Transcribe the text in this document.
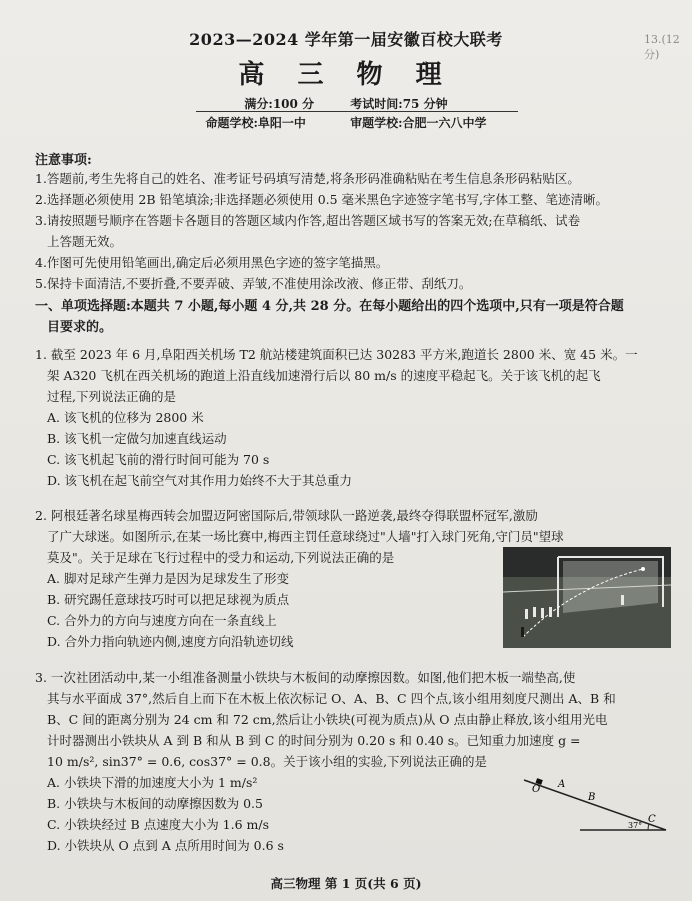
13.(12分)
2023—2024 学年第一届安徽百校大联考
高 三 物 理
满分:100 分	考试时间:75 分钟
命题学校:阜阳一中	审题学校:合肥一六八中学
注意事项:

1.答题前,考生先将自己的姓名、准考证号码填写清楚,将条形码准确粘贴在考生信息条形码粘贴区。

2.选择题必须使用 2B 铅笔填涂;非选择题必须使用 0.5 毫米黑色字迹签字笔书写,字体工整、笔迹清晰。

3.请按照题号顺序在答题卡各题目的答题区域内作答,超出答题区域书写的答案无效;在草稿纸、试卷

上答题无效。

4.作图可先使用铅笔画出,确定后必须用黑色字迹的签字笔描黑。

5.保持卡面清洁,不要折叠,不要弄破、弄皱,不准使用涂改液、修正带、刮纸刀。

一、单项选择题:本题共 7 小题,每小题 4 分,共 28 分。在每小题给出的四个选项中,只有一项是符合题

目要求的。

1. 截至 2023 年 6 月,阜阳西关机场 T2 航站楼建筑面积已达 30283 平方米,跑道长 2800 米、宽 45 米。一

架 A320 飞机在西关机场的跑道上沿直线加速滑行后以 80 m/s 的速度平稳起飞。关于该飞机的起飞

过程,下列说法正确的是

A. 该飞机的位移为 2800 米

B. 该飞机一定做匀加速直线运动

C. 该飞机起飞前的滑行时间可能为 70 s

D. 该飞机在起飞前空气对其作用力始终不大于其总重力

2. 阿根廷著名球星梅西转会加盟迈阿密国际后,带领球队一路逆袭,最终夺得联盟杯冠军,激励

了广大球迷。如图所示,在某一场比赛中,梅西主罚任意球绕过"人墙"打入球门死角,守门员"望球

莫及"。关于足球在飞行过程中的受力和运动,下列说法正确的是

A. 脚对足球产生弹力是因为足球发生了形变

B. 研究踢任意球技巧时可以把足球视为质点

C. 合外力的方向与速度方向在一条直线上

D. 合外力指向轨迹内侧,速度方向沿轨迹切线

3. 一次社团活动中,某一小组准备测量小铁块与木板间的动摩擦因数。如图,他们把木板一端垫高,使

其与水平面成 37°,然后自上而下在木板上依次标记 O、A、B、C 四个点,该小组用刻度尺测出 A、B 和

B、C 间的距离分别为 24 cm 和 72 cm,然后让小铁块(可视为质点)从 O 点由静止释放,该小组用光电

计时器测出小铁块从 A 到 B 和从 B 到 C 的时间分别为 0.20 s 和 0.40 s。已知重力加速度 g =

10 m/s², sin37° = 0.6, cos37° = 0.8。关于该小组的实验,下列说法正确的是

A. 小铁块下滑的加速度大小为 1 m/s²

B. 小铁块与木板间的动摩擦因数为 0.5

C. 小铁块经过 B 点速度大小为 1.6 m/s

D. 小铁块从 O 点到 A 点所用时间为 0.6 s

O A
B
C
37°
高三物理 第 1 页(共 6 页)
